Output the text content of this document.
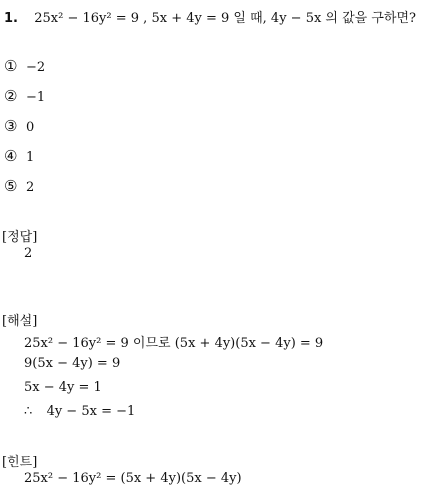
1. 25x² − 16y² = 9 , 5x + 4y = 9 일 때, 4y − 5x 의 값을 구하면?
① −2
② −1
③ 0
④ 1
⑤ 2
[정답]
2
[해설]
25x² − 16y² = 9 이므로 (5x + 4y)(5x − 4y) = 9
9(5x − 4y) = 9
5x − 4y = 1
∴ 4y − 5x = −1
[힌트]
25x² − 16y² = (5x + 4y)(5x − 4y)
